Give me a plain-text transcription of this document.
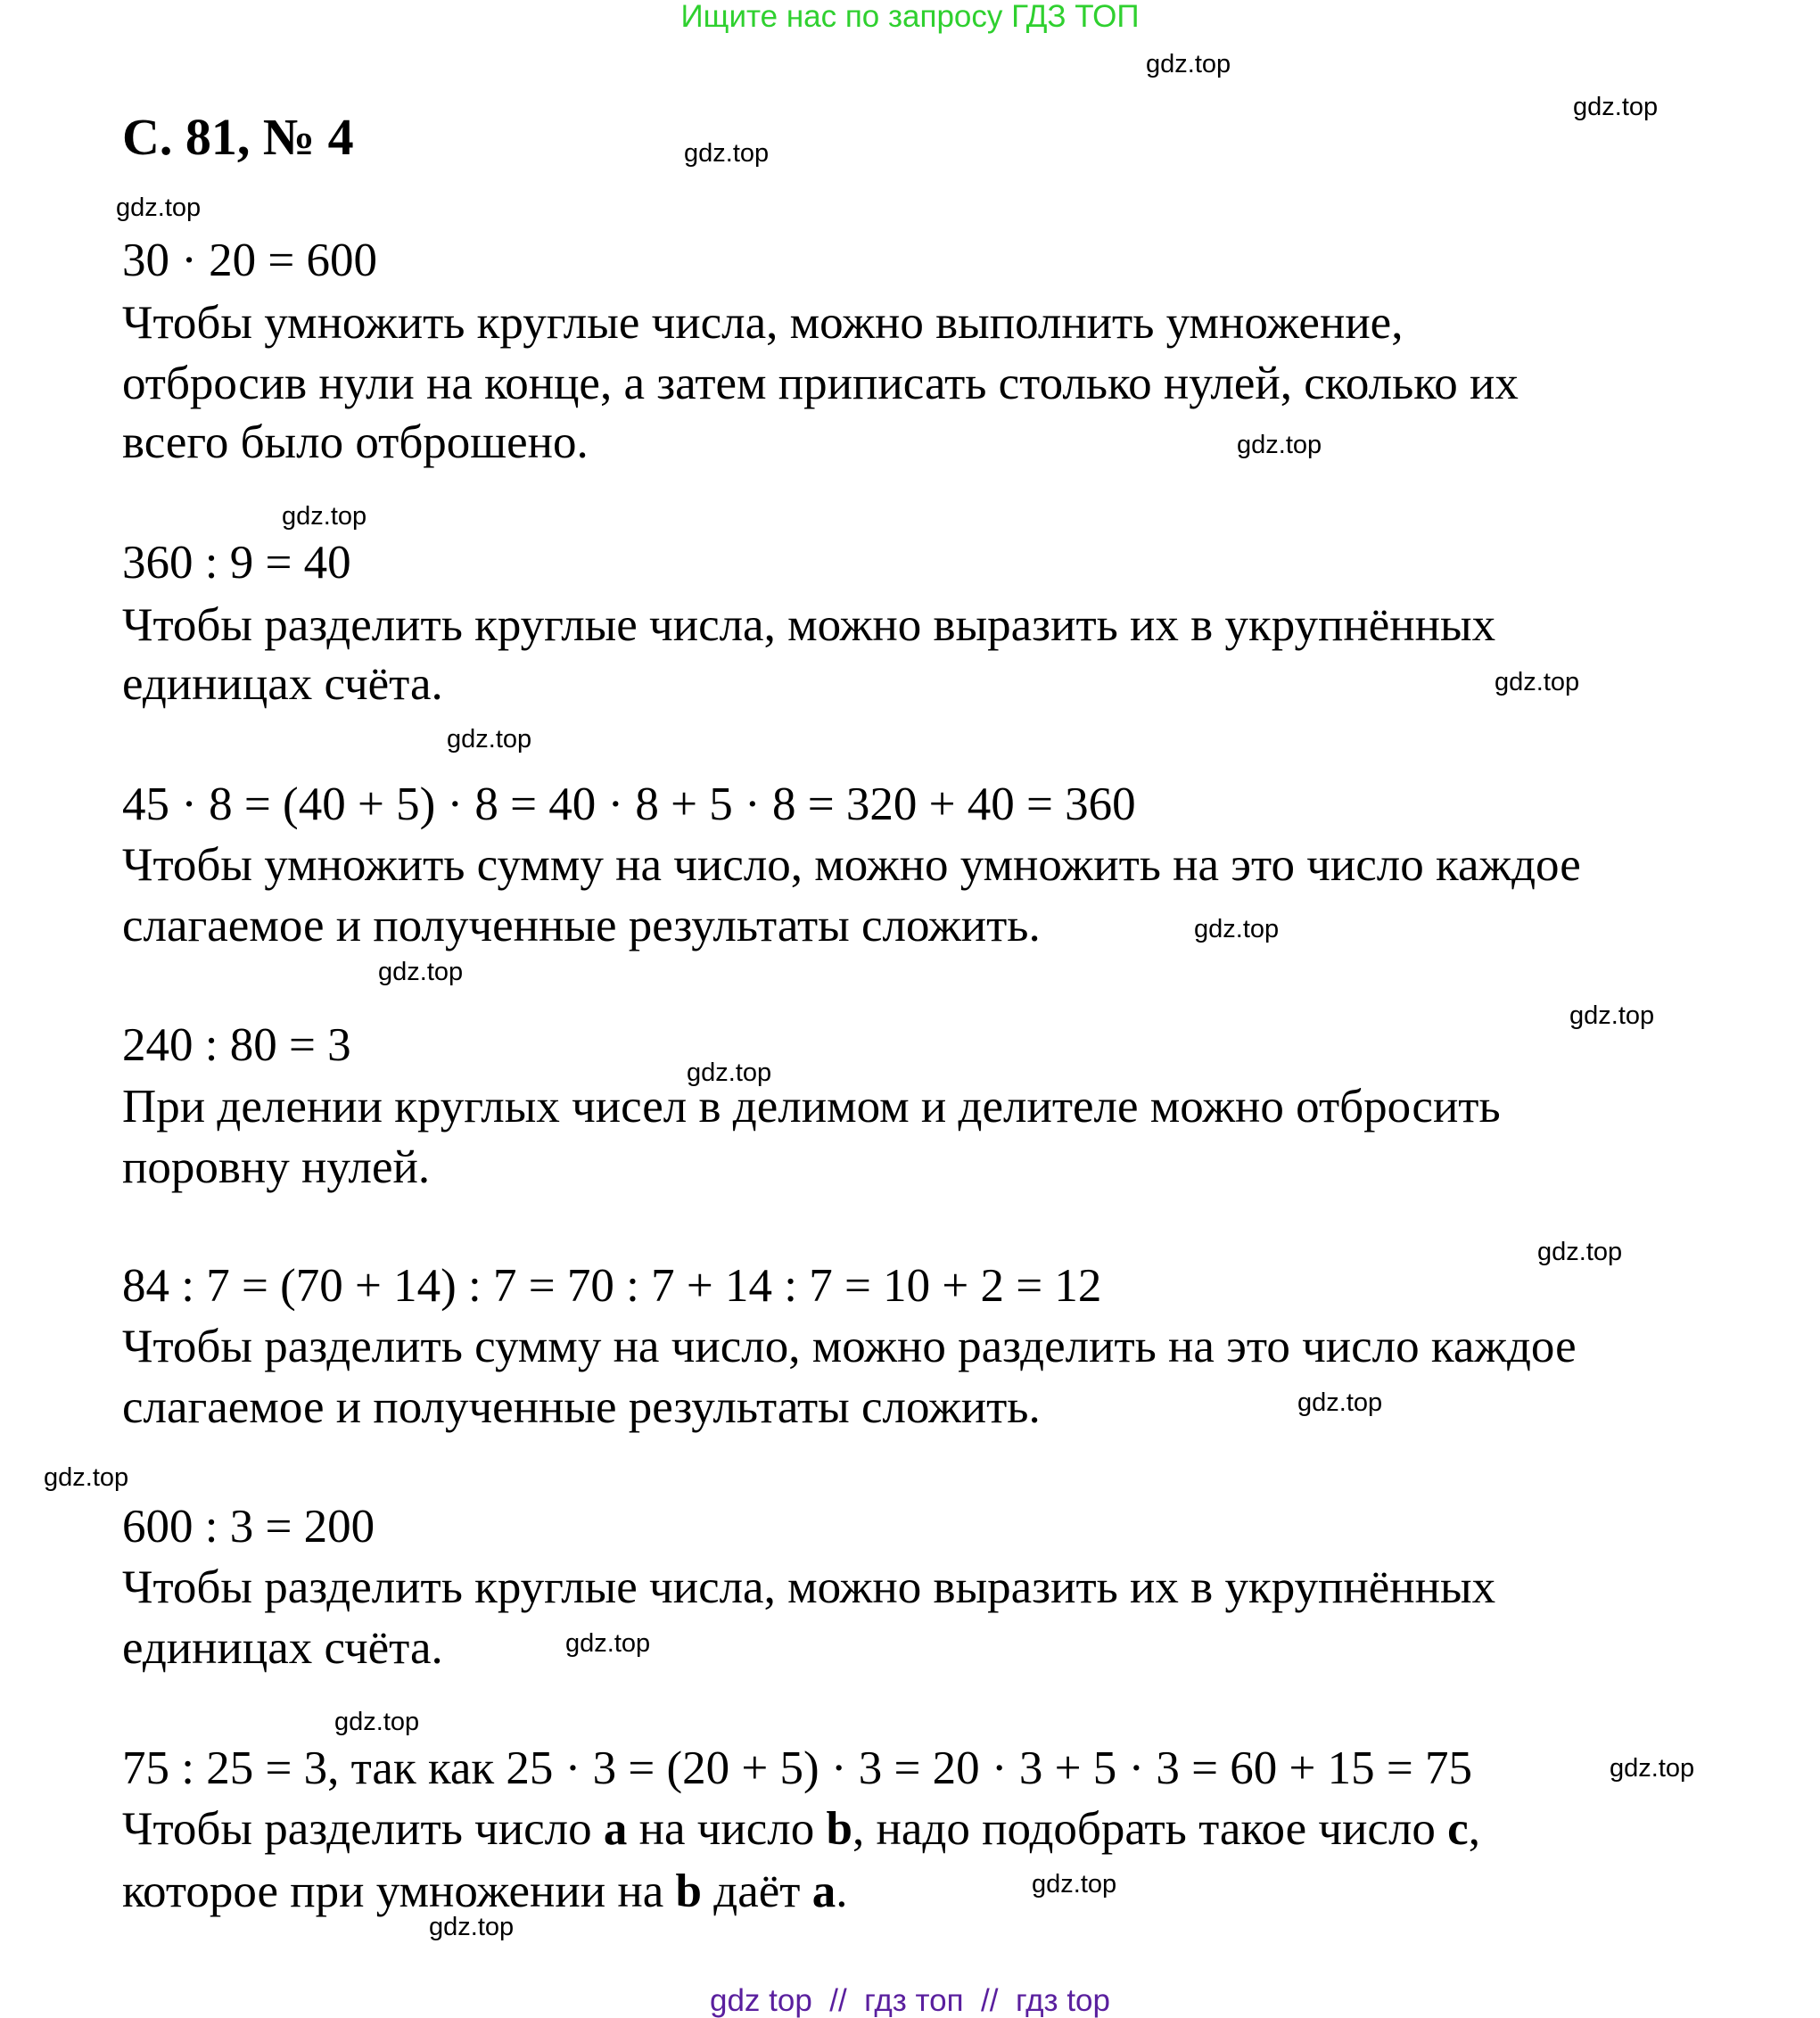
Ищите нас по запросу ГДЗ ТОП
С. 81, № 4
30 · 20 = 600
Чтобы умножить круглые числа, можно выполнить умножение,
отбросив нули на конце, а затем приписать столько нулей, сколько их
всего было отброшено.
360 : 9 = 40
Чтобы разделить круглые числа, можно выразить их в укрупнённых
единицах счёта.
45 · 8 = (40 + 5) · 8 = 40 · 8 + 5 · 8 = 320 + 40 = 360
Чтобы умножить сумму на число, можно умножить на это число каждое
слагаемое и полученные результаты сложить.
240 : 80 = 3
При делении круглых чисел в делимом и делителе можно отбросить
поровну нулей.
84 : 7 = (70 + 14) : 7 = 70 : 7 + 14 : 7 = 10 + 2 = 12
Чтобы разделить сумму на число, можно разделить на это число каждое
слагаемое и полученные результаты сложить.
600 : 3 = 200
Чтобы разделить круглые числа, можно выразить их в укрупнённых
единицах счёта.
75 : 25 = 3, так как 25 · 3 = (20 + 5) · 3 = 20 · 3 + 5 · 3 = 60 + 15 = 75
Чтобы разделить число a на число b, надо подобрать такое число c,
которое при умножении на b даёт a.
gdz.top
gdz.top
gdz.top
gdz.top
gdz.top
gdz.top
gdz.top
gdz.top
gdz.top
gdz.top
gdz.top
gdz.top
gdz.top
gdz.top
gdz.top
gdz.top
gdz.top
gdz.top
gdz.top
gdz.top
gdz top  //  гдз топ  //  гдз top
